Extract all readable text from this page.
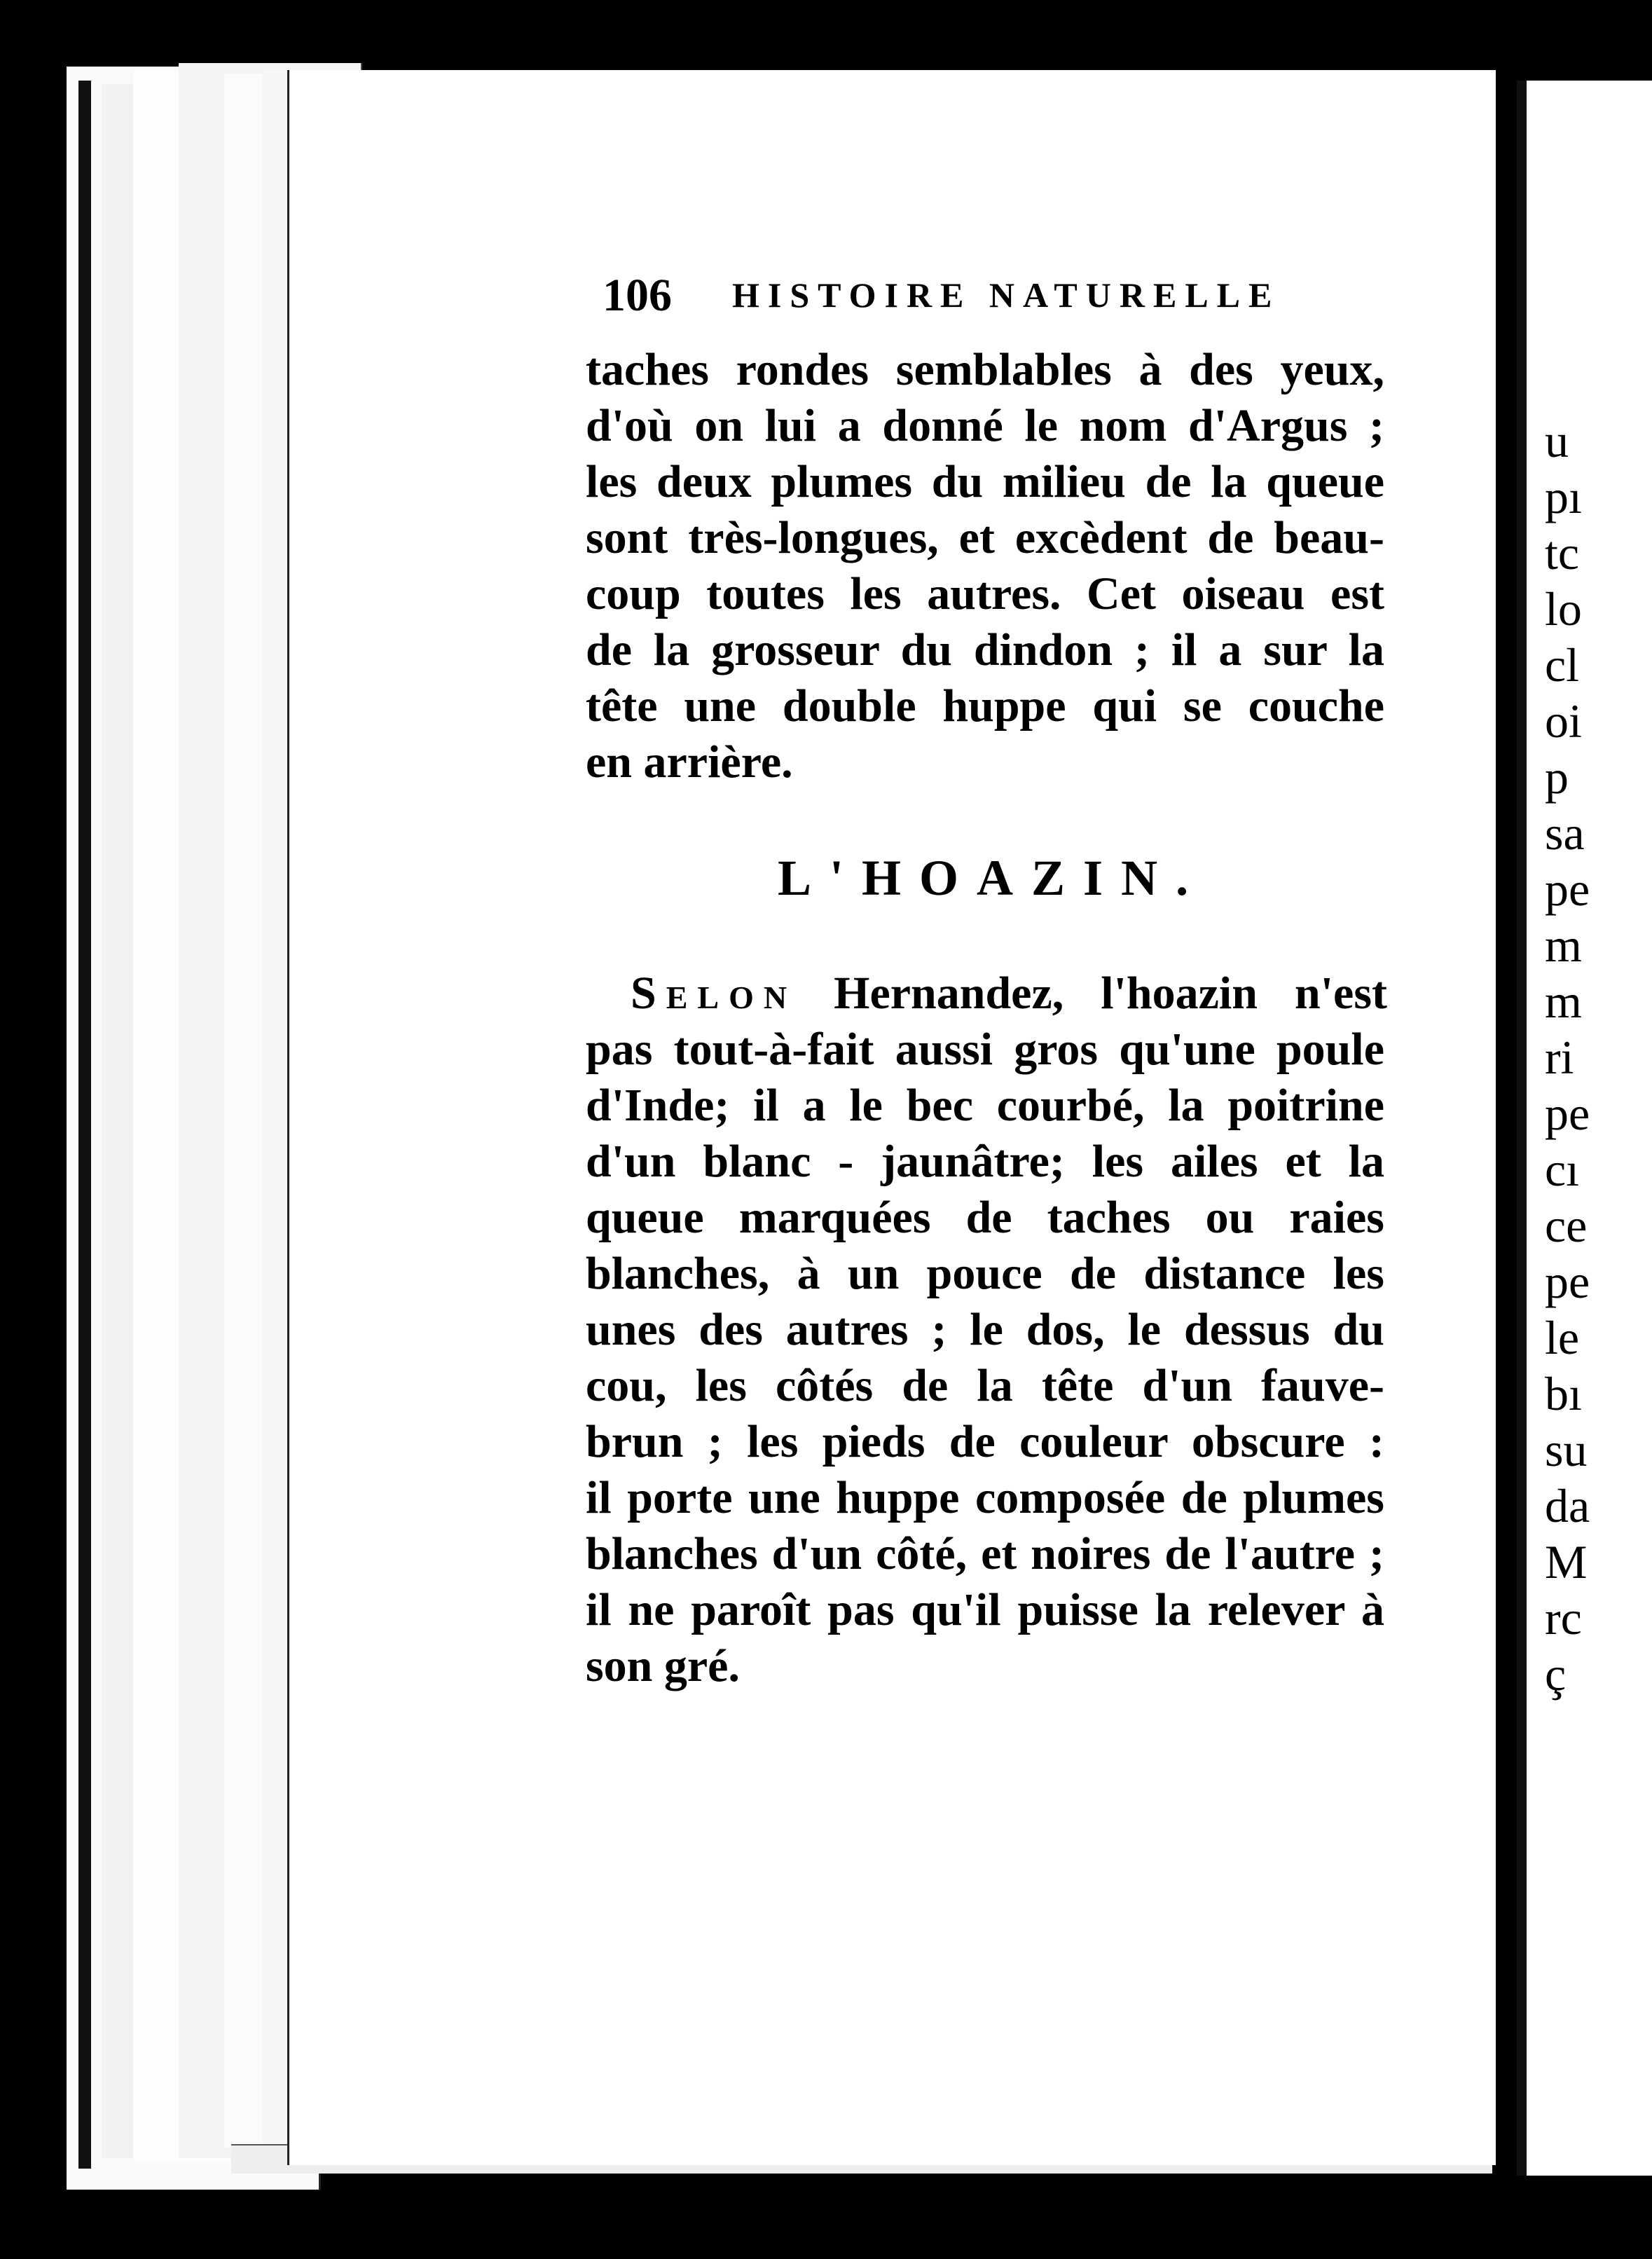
106 HISTOIRE NATURELLE
taches rondes semblables à des yeux,
d'où on lui a donné le nom d'Argus ;
les deux plumes du milieu de la queue
sont très-longues, et excèdent de beau-
coup toutes les autres. Cet oiseau est
de la grosseur du dindon ; il a sur la
tête une double huppe qui se couche
en arrière.
L'HOAZIN.
Selon Hernandez, l'hoazin n'est
pas tout-à-fait aussi gros qu'une poule
d'Inde; il a le bec courbé, la poitrine
d'un blanc - jaunâtre; les ailes et la
queue marquées de taches ou raies
blanches, à un pouce de distance les
unes des autres ; le dos, le dessus du
cou, les côtés de la tête d'un fauve-
brun ; les pieds de couleur obscure :
il porte une huppe composée de plumes
blanches d'un côté, et noires de l'autre ;
il ne paroît pas qu'il puisse la relever à
son gré.
u
pı
tc
lo
cl
oi
p
sa
pe
m
m
ri
pe
cı
ce
pe
le
bı
su
da
M
rc
ç
